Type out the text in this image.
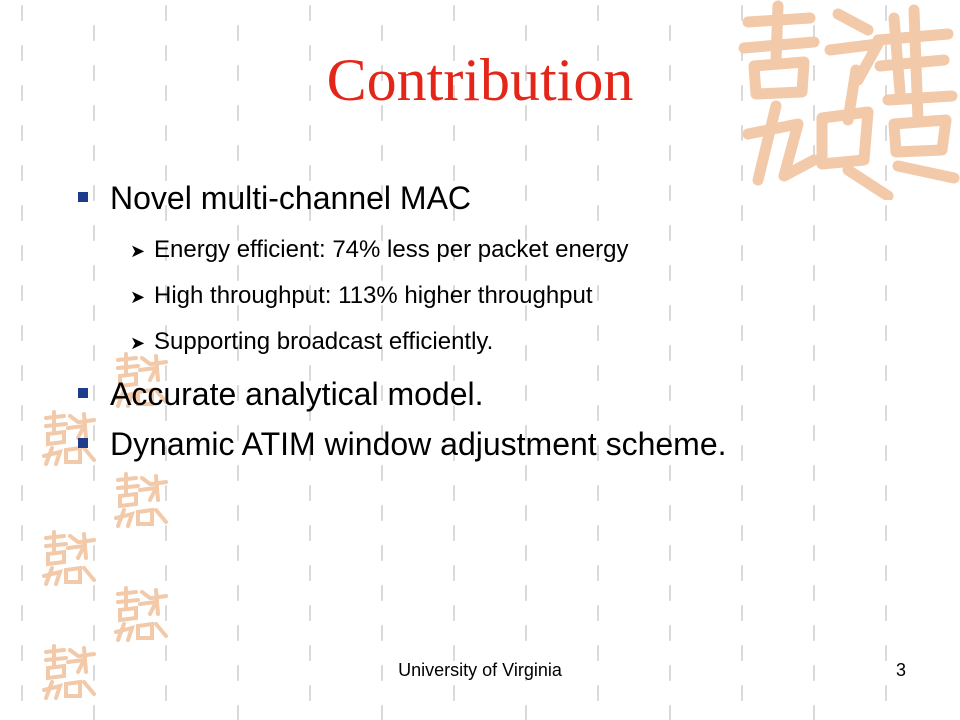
Contribution
Novel multi-channel MAC
➤ Energy efficient: 74% less per packet energy
➤ High throughput: 113% higher throughput
➤ Supporting broadcast efficiently.
Accurate analytical model.
Dynamic ATIM window adjustment scheme.
University of Virginia	3
